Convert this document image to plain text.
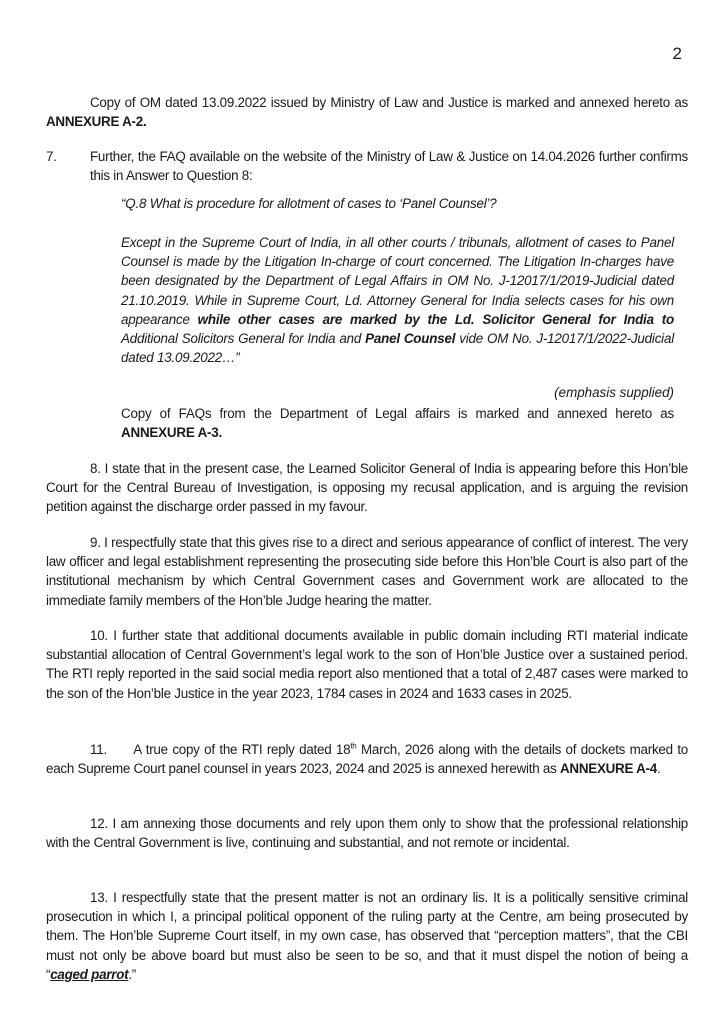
2
Copy of OM dated 13.09.2022 issued by Ministry of Law and Justice is marked and annexed hereto as ANNEXURE A-2.
7.	Further, the FAQ available on the website of the Ministry of Law & Justice on 14.04.2026 further confirms this in Answer to Question 8:
“Q.8 What is procedure for allotment of cases to ‘Panel Counsel’?
Except in the Supreme Court of India, in all other courts / tribunals, allotment of cases to Panel Counsel is made by the Litigation In-charge of court concerned. The Litigation In-charges have been designated by the Department of Legal Affairs in OM No. J-12017/1/2019-Judicial dated 21.10.2019. While in Supreme Court, Ld. Attorney General for India selects cases for his own appearance while other cases are marked by the Ld. Solicitor General for India to Additional Solicitors General for India and Panel Counsel vide OM No. J-12017/1/2022-Judicial dated 13.09.2022…”
(emphasis supplied)
Copy of FAQs from the Department of Legal affairs is marked and annexed hereto as ANNEXURE A-3.
8. I state that in the present case, the Learned Solicitor General of India is appearing before this Hon’ble Court for the Central Bureau of Investigation, is opposing my recusal application, and is arguing the revision petition against the discharge order passed in my favour.
9. I respectfully state that this gives rise to a direct and serious appearance of conflict of interest. The very law officer and legal establishment representing the prosecuting side before this Hon’ble Court is also part of the institutional mechanism by which Central Government cases and Government work are allocated to the immediate family members of the Hon’ble Judge hearing the matter.
10. I further state that additional documents available in public domain including RTI material indicate substantial allocation of Central Government’s legal work to the son of Hon’ble Justice over a sustained period. The RTI reply reported in the said social media report also mentioned that a total of 2,487 cases were marked to the son of the Hon’ble Justice in the year 2023, 1784 cases in 2024 and 1633 cases in 2025.
11.      A true copy of the RTI reply dated 18th March, 2026 along with the details of dockets marked to each Supreme Court panel counsel in years 2023, 2024 and 2025 is annexed herewith as ANNEXURE A-4.
12. I am annexing those documents and rely upon them only to show that the professional relationship with the Central Government is live, continuing and substantial, and not remote or incidental.
13. I respectfully state that the present matter is not an ordinary lis. It is a politically sensitive criminal prosecution in which I, a principal political opponent of the ruling party at the Centre, am being prosecuted by them. The Hon’ble Supreme Court itself, in my own case, has observed that “perception matters”, that the CBI must not only be above board but must also be seen to be so, and that it must dispel the notion of being a “caged parrot.”
